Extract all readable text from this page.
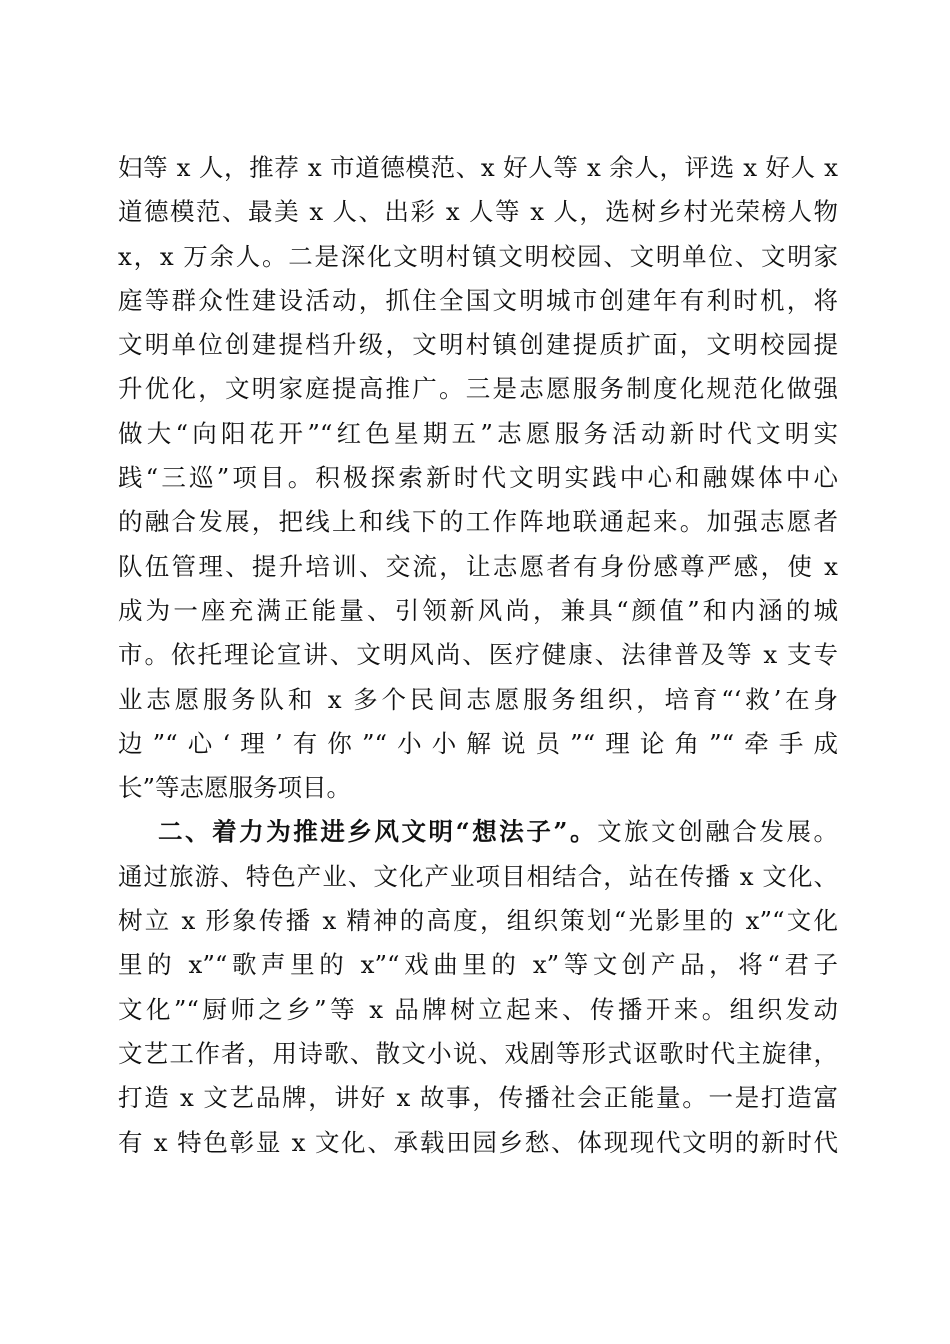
妇等 x 人，推荐 x 市道德模范、x 好人等 x 余人，评选 x 好人 x
道德模范、最美 x 人、出彩 x 人等 x 人，选树乡村光荣榜人物
x，x 万余人。二是深化文明村镇文明校园、文明单位、文明家
庭等群众性建设活动，抓住全国文明城市创建年有利时机，将
文明单位创建提档升级，文明村镇创建提质扩面，文明校园提
升优化，文明家庭提高推广。三是志愿服务制度化规范化做强
做大“向阳花开”“红色星期五”志愿服务活动新时代文明实
践“三巡”项目。积极探索新时代文明实践中心和融媒体中心
的融合发展，把线上和线下的工作阵地联通起来。加强志愿者
队伍管理、提升培训、交流，让志愿者有身份感尊严感，使 x
成为一座充满正能量、引领新风尚，兼具“颜值”和内涵的城
市。依托理论宣讲、文明风尚、医疗健康、法律普及等 x 支专
业志愿服务队和 x 多个民间志愿服务组织，培育“‘救’在身
边”“心‘理’有你”“小小解说员”“理论角”“牵手成
长”等志愿服务项目。
二、着力为推进乡风文明“想法子”。文旅文创融合发展。
通过旅游、特色产业、文化产业项目相结合，站在传播 x 文化、
树立 x 形象传播 x 精神的高度，组织策划“光影里的 x”“文化
里的 x”“歌声里的 x”“戏曲里的 x”等文创产品，将“君子
文化”“厨师之乡”等 x 品牌树立起来、传播开来。组织发动
文艺工作者，用诗歌、散文小说、戏剧等形式讴歌时代主旋律，
打造 x 文艺品牌，讲好 x 故事，传播社会正能量。一是打造富
有 x 特色彰显 x 文化、承载田园乡愁、体现现代文明的新时代
